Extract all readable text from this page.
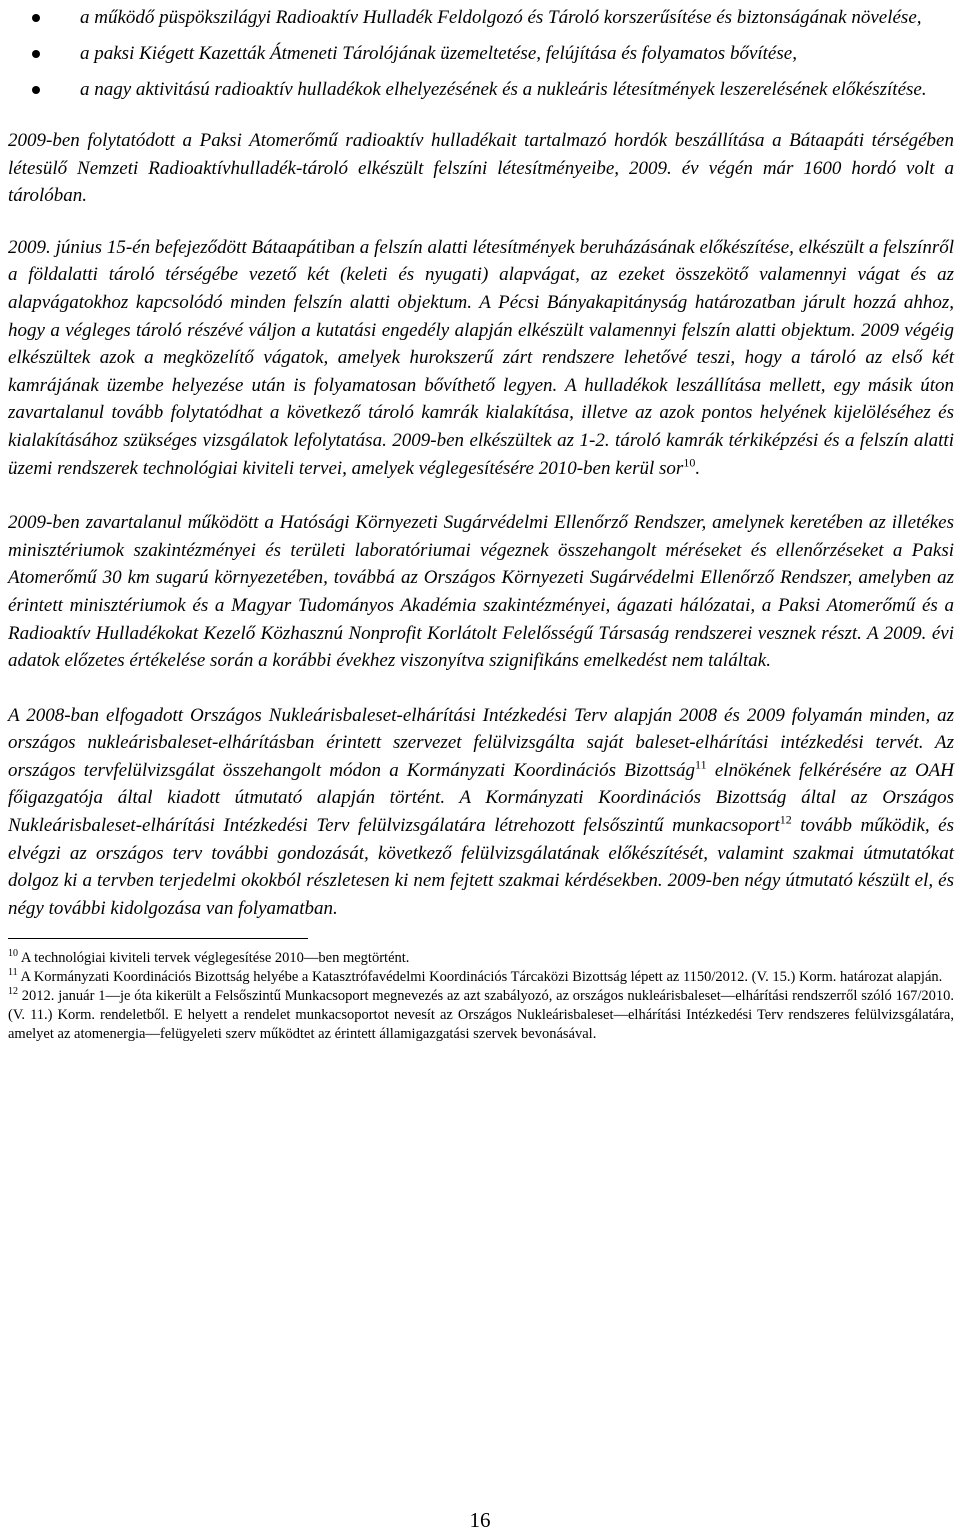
a működő püspökszilágyi Radioaktív Hulladék Feldolgozó és Tároló korszerűsítése és biztonságának növelése,
a paksi Kiégett Kazetták Átmeneti Tárolójának üzemeltetése, felújítása és folyamatos bővítése,
a nagy aktivitású radioaktív hulladékok elhelyezésének és a nukleáris létesítmények leszerelésének előkészítése.

2009-ben folytatódott a Paksi Atomerőmű radioaktív hulladékait tartalmazó hordók beszállítása a Bátaapáti térségében létesülő Nemzeti Radioaktívhulladék-tároló elkészült felszíni létesítményeibe, 2009. év végén már 1600 hordó volt a tárolóban.

2009. június 15-én befejeződött Bátaapátiban a felszín alatti létesítmények beruházásának előkészítése, elkészült a felszínről a földalatti tároló térségébe vezető két (keleti és nyugati) alapvágat, az ezeket összekötő valamennyi vágat és az alapvágatokhoz kapcsolódó minden felszín alatti objektum. A Pécsi Bányakapitányság határozatban járult hozzá ahhoz, hogy a végleges tároló részévé váljon a kutatási engedély alapján elkészült valamennyi felszín alatti objektum. 2009 végéig elkészültek azok a megközelítő vágatok, amelyek hurokszerű zárt rendszere lehetővé teszi, hogy a tároló az első két kamrájának üzembe helyezése után is folyamatosan bővíthető legyen. A hulladékok leszállítása mellett, egy másik úton zavartalanul tovább folytatódhat a következő tároló kamrák kialakítása, illetve az azok pontos helyének kijelöléséhez és kialakításához szükséges vizsgálatok lefolytatása. 2009-ben elkészültek az 1-2. tároló kamrák térkiképzési és a felszín alatti üzemi rendszerek technológiai kiviteli tervei, amelyek véglegesítésére 2010-ben kerül sor$^{10}$.

2009-ben zavartalanul működött a Hatósági Környezeti Sugárvédelmi Ellenőrző Rendszer, amelynek keretében az illetékes minisztériumok szakintézményei és területi laboratóriumai végeznek összehangolt méréseket és ellenőrzéseket a Paksi Atomerőmű 30 km sugarú környezetében, továbbá az Országos Környezeti Sugárvédelmi Ellenőrző Rendszer, amelyben az érintett minisztériumok és a Magyar Tudományos Akadémia szakintézményei, ágazati hálózatai, a Paksi Atomerőmű és a Radioaktív Hulladékokat Kezelő Közhasznú Nonprofit Korlátolt Felelősségű Társaság rendszerei vesznek részt. A 2009. évi adatok előzetes értékelése során a korábbi évekhez viszonyítva szignifikáns emelkedést nem találtak.

A 2008-ban elfogadott Országos Nukleárisbaleset-elhárítási Intézkedési Terv alapján 2008 és 2009 folyamán minden, az országos nukleárisbaleset-elhárításban érintett szervezet felülvizsgálta saját baleset-elhárítási intézkedési tervét. Az országos tervfelülvizsgálat összehangolt módon a Kormányzati Koordinációs Bizottság$^{11}$ elnökének felkérésére az OAH főigazgatója által kiadott útmutató alapján történt. A Kormányzati Koordinációs Bizottság által az Országos Nukleárisbaleset-elhárítási Intézkedési Terv felülvizsgálatára létrehozott felsőszintű munkacsoport$^{12}$ tovább működik, és elvégzi az országos terv további gondozását, következő felülvizsgálatának előkészítését, valamint szakmai útmutatókat dolgoz ki a tervben terjedelmi okokból részletesen ki nem fejtett szakmai kérdésekben. 2009-ben négy útmutató készült el, és négy további kidolgozása van folyamatban.

$^{10}$ A technológiai kiviteli tervek véglegesítése 2010—ben megtörtént.

$^{11}$ A Kormányzati Koordinációs Bizottság helyébe a Katasztrófavédelmi Koordinációs Tárcaközi Bizottság lépett az 1150/2012. (V. 15.) Korm. határozat alapján.

$^{12}$ 2012. január 1—je óta kikerült a Felsőszintű Munkacsoport megnevezés az azt szabályozó, az országos nukleárisbaleset—elhárítási rendszerről szóló 167/2010. (V. 11.) Korm. rendeletből. E helyett a rendelet munkacsoportot nevesít az Országos Nukleárisbaleset—elhárítási Intézkedési Terv rendszeres felülvizsgálatára, amelyet az atomenergia—felügyeleti szerv működtet az érintett államigazgatási szervek bevonásával.

16
